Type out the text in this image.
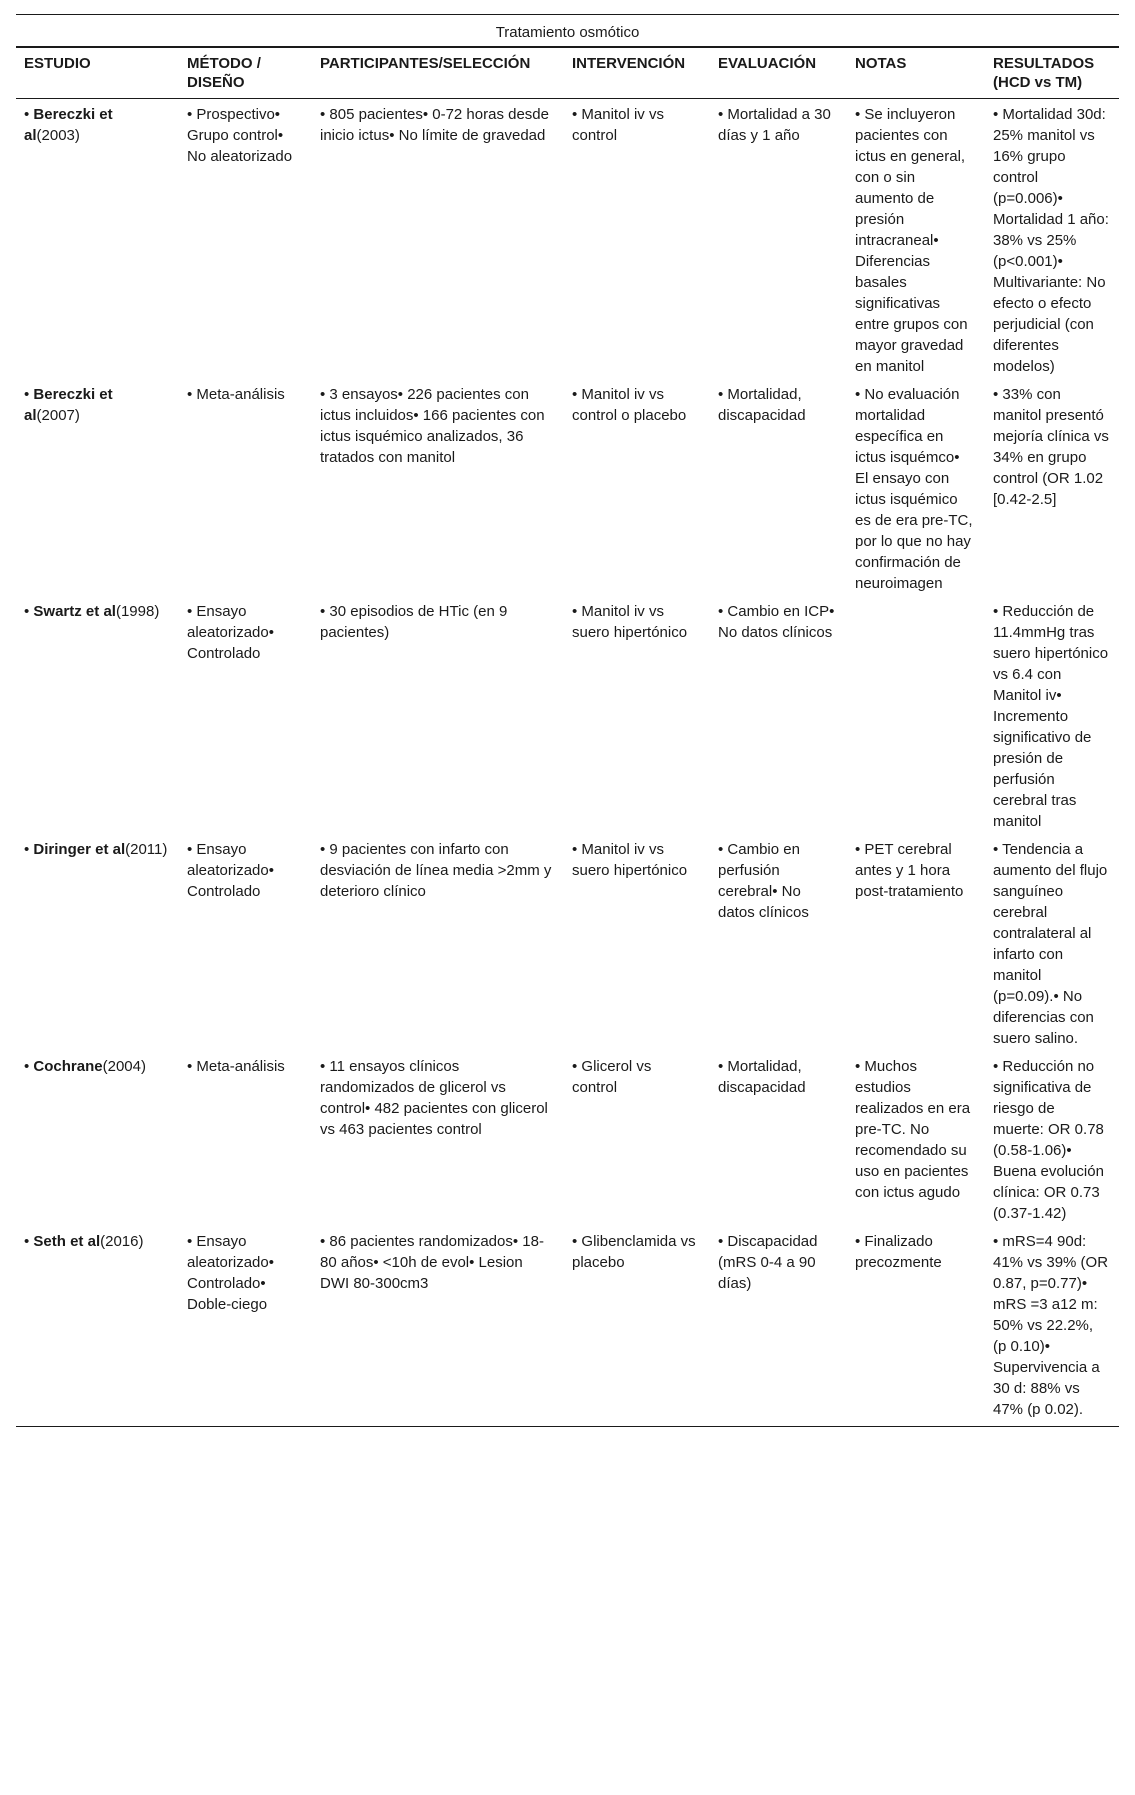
Tratamiento osmótico						
ESTUDIO	MÉTODO / DISEÑO	PARTICIPANTES/SELECCIÓN	INTERVENCIÓN	EVALUACIÓN	NOTAS	RESULTADOS (HCD vs TM)
• Bereczki et al(2003)	• Prospectivo• Grupo control• No aleatorizado	• 805 pacientes• 0-72 horas desde inicio ictus• No límite de gravedad	• Manitol iv vs control	• Mortalidad a 30 días y 1 año	• Se incluyeron pacientes con ictus en general, con o sin aumento de presión intracraneal• Diferencias basales significativas entre grupos con mayor gravedad en manitol	• Mortalidad 30d: 25% manitol vs 16% grupo control (p=0.006)• Mortalidad 1 año: 38% vs 25% (p<0.001)• Multivariante: No efecto o efecto perjudicial (con diferentes modelos)
• Bereczki et al(2007)	• Meta-análisis	• 3 ensayos• 226 pacientes con ictus incluidos• 166 pacientes con ictus isquémico analizados, 36 tratados con manitol	• Manitol iv vs control o placebo	• Mortalidad, discapacidad	• No evaluación mortalidad específica en ictus isquémco• El ensayo con ictus isquémico es de era pre-TC, por lo que no hay confirmación de neuroimagen	• 33% con manitol presentó mejoría clínica vs 34% en grupo control (OR 1.02 [0.42-2.5]
• Swartz et al(1998)	• Ensayo aleatorizado• Controlado	• 30 episodios de HTic (en 9 pacientes)	• Manitol iv vs suero hipertónico	• Cambio en ICP• No datos clínicos		• Reducción de 11.4mmHg tras suero hipertónico vs 6.4 con Manitol iv• Incremento significativo de presión de perfusión cerebral tras manitol
• Diringer et al(2011)	• Ensayo aleatorizado• Controlado	• 9 pacientes con infarto con desviación de línea media >2mm y deterioro clínico	• Manitol iv vs suero hipertónico	• Cambio en perfusión cerebral• No datos clínicos	• PET cerebral antes y 1 hora post-tratamiento	• Tendencia a aumento del flujo sanguíneo cerebral contralateral al infarto con manitol (p=0.09).• No diferencias con suero salino.
• Cochrane(2004)	• Meta-análisis	• 11 ensayos clínicos randomizados de glicerol vs control• 482 pacientes con glicerol vs 463 pacientes control	• Glicerol vs control	• Mortalidad, discapacidad	• Muchos estudios realizados en era pre-TC. No recomendado su uso en pacientes con ictus agudo	• Reducción no significativa de riesgo de muerte: OR 0.78 (0.58-1.06)• Buena evolución clínica: OR 0.73 (0.37-1.42)
• Seth et al(2016)	• Ensayo aleatorizado• Controlado• Doble-ciego	• 86 pacientes randomizados• 18-80 años• <10h de evol• Lesion DWI 80-300cm3	• Glibenclamida vs placebo	• Discapacidad (mRS 0-4 a 90 días)	• Finalizado precozmente	• mRS=4 90d: 41% vs 39% (OR 0.87, p=0.77)• mRS =3 a12 m: 50% vs 22.2%, (p 0.10)• Supervivencia a 30 d: 88% vs 47% (p 0.02).
